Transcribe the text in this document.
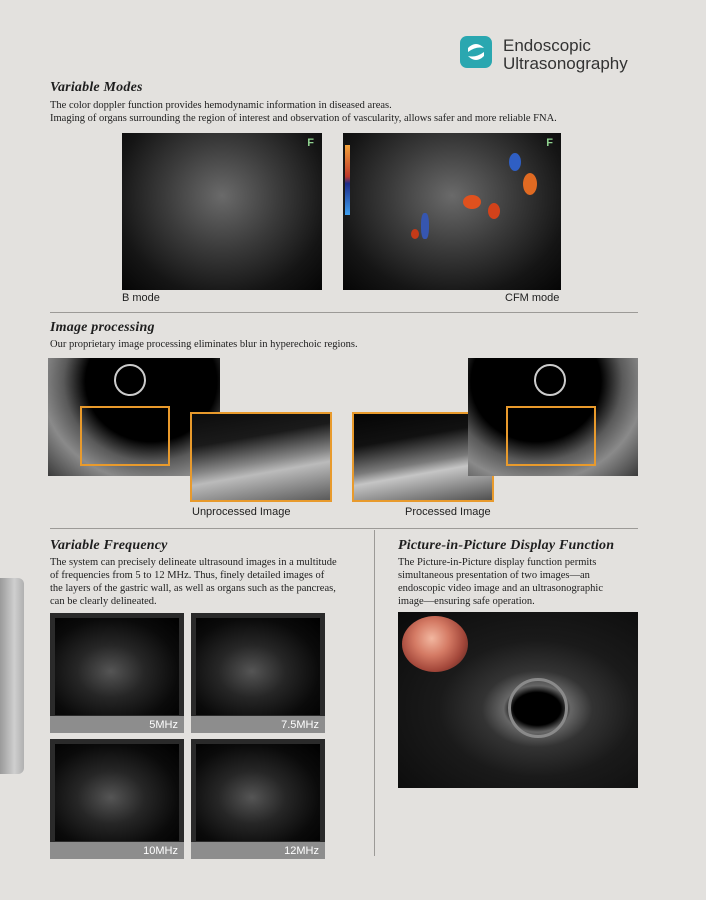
Endoscopic
Ultrasonography
Variable Modes
The color doppler function provides hemodynamic information in diseased areas.
Imaging of organs surrounding the region of interest and observation of vascularity, allows safer and more reliable FNA.
F	F
B mode	CFM mode
Image processing
Our proprietary image processing eliminates blur in hyperechoic regions.
Unprocessed Image	Processed Image
Variable Frequency
The system can precisely delineate ultrasound images in a multitude
of frequencies from 5 to 12 MHz. Thus, finely detailed images of
the layers of the gastric wall, as well as organs such as the pancreas,
can be clearly delineated.
5MHz	7.5MHz
10MHz	12MHz
Picture-in-Picture Display Function
The Picture-in-Picture display function permits
simultaneous presentation of two images—an
endoscopic video image and an ultrasonographic
image—ensuring safe operation.
